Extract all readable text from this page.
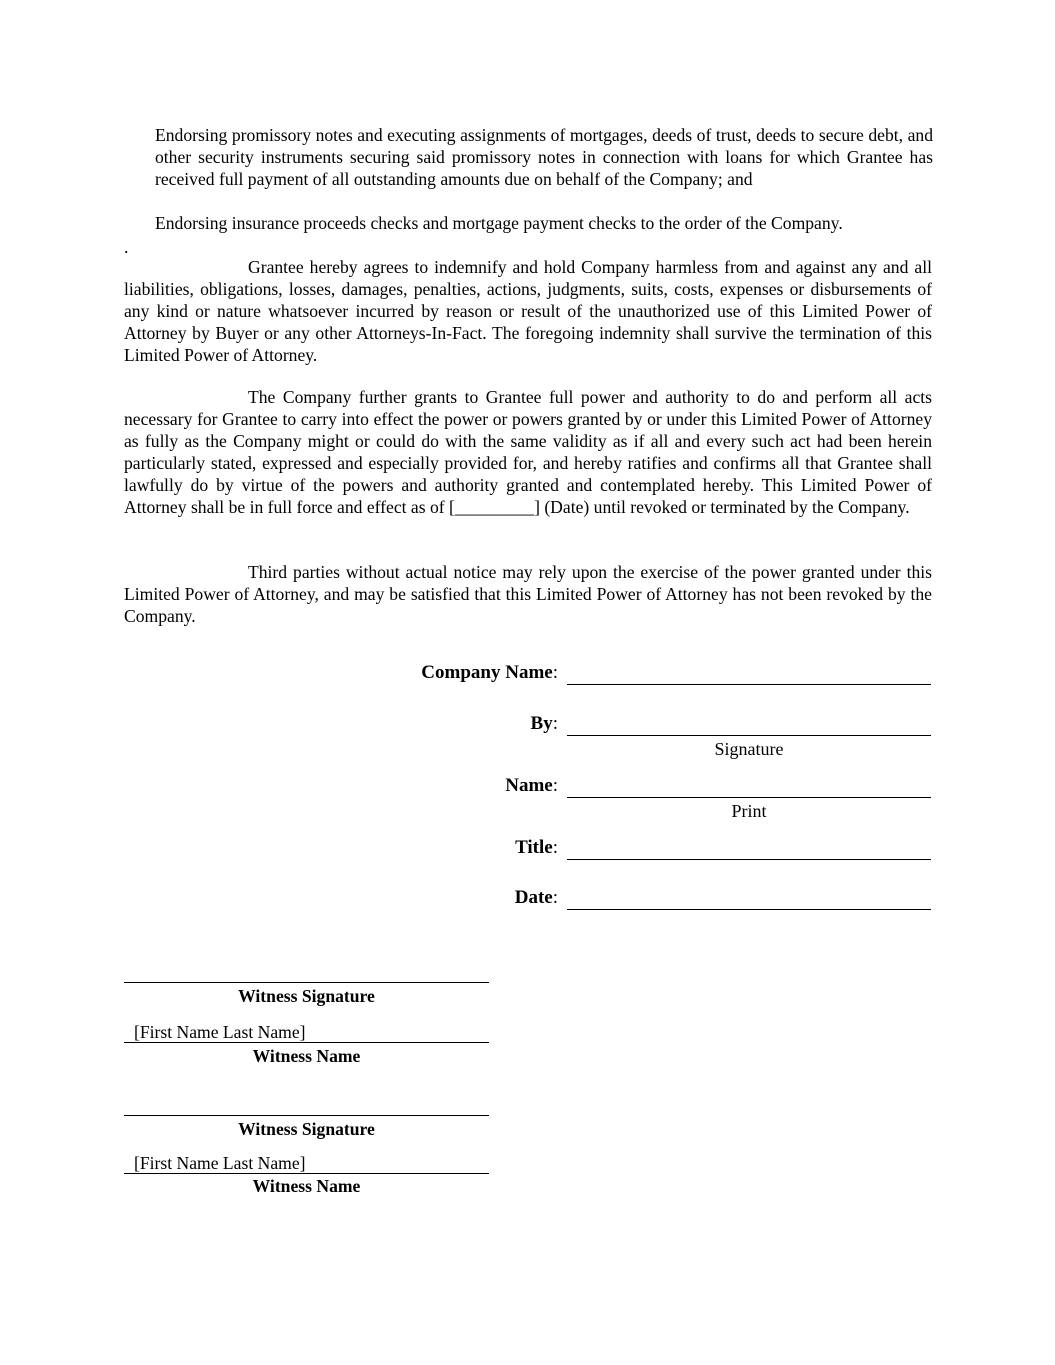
Endorsing promissory notes and executing assignments of mortgages, deeds of trust, deeds to secure debt, and other security instruments securing said promissory notes in connection with loans for which Grantee has received full payment of all outstanding amounts due on behalf of the Company; and

Endorsing insurance proceeds checks and mortgage payment checks to the order of the Company.

.

Grantee hereby agrees to indemnify and hold Company harmless from and against any and all liabilities, obligations, losses, damages, penalties, actions, judgments, suits, costs, expenses or disbursements of any kind or nature whatsoever incurred by reason or result of the unauthorized use of this Limited Power of Attorney by Buyer or any other Attorneys-In-Fact. The foregoing indemnity shall survive the termination of this Limited Power of Attorney.

The Company further grants to Grantee full power and authority to do and perform all acts necessary for Grantee to carry into effect the power or powers granted by or under this Limited Power of Attorney as fully as the Company might or could do with the same validity as if all and every such act had been herein particularly stated, expressed and especially provided for, and hereby ratifies and confirms all that Grantee shall lawfully do by virtue of the powers and authority granted and contemplated hereby. This Limited Power of Attorney shall be in full force and effect as of [_________] (Date) until revoked or terminated by the Company.

Third parties without actual notice may rely upon the exercise of the power granted under this Limited Power of Attorney, and may be satisfied that this Limited Power of Attorney has not been revoked by the Company.

Company Name:
By:
Signature
Name:
Print
Title:
Date:
Witness Signature
[First Name Last Name]
Witness Name
Witness Signature
[First Name Last Name]
Witness Name
